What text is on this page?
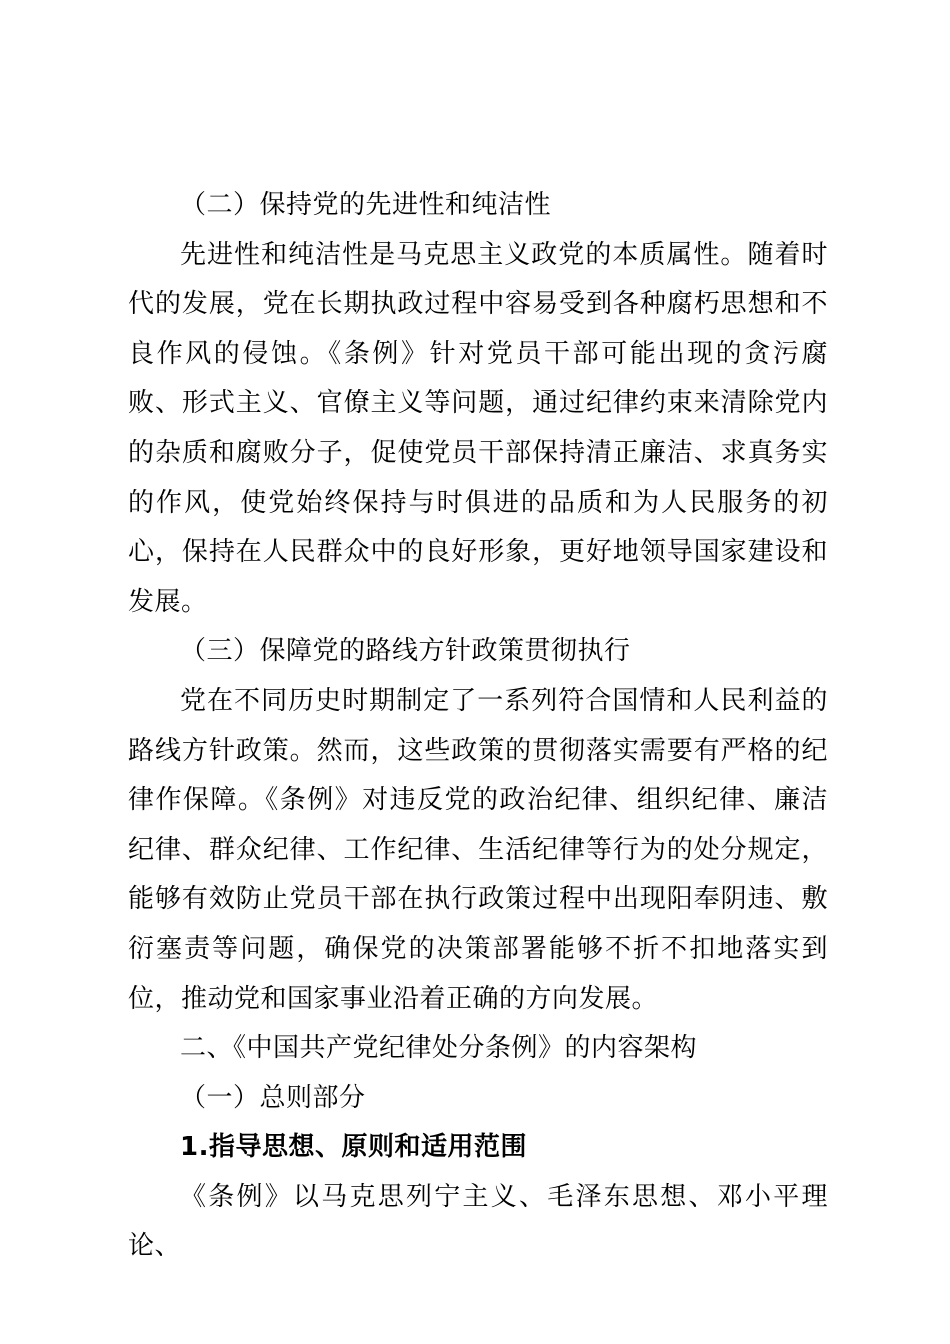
（二）保持党的先进性和纯洁性

先进性和纯洁性是马克思主义政党的本质属性。随着时代的发展，党在长期执政过程中容易受到各种腐朽思想和不良作风的侵蚀。《条例》针对党员干部可能出现的贪污腐败、形式主义、官僚主义等问题，通过纪律约束来清除党内的杂质和腐败分子，促使党员干部保持清正廉洁、求真务实的作风，使党始终保持与时俱进的品质和为人民服务的初心，保持在人民群众中的良好形象，更好地领导国家建设和发展。

（三）保障党的路线方针政策贯彻执行

党在不同历史时期制定了一系列符合国情和人民利益的路线方针政策。然而，这些政策的贯彻落实需要有严格的纪律作保障。《条例》对违反党的政治纪律、组织纪律、廉洁纪律、群众纪律、工作纪律、生活纪律等行为的处分规定，能够有效防止党员干部在执行政策过程中出现阳奉阴违、敷衍塞责等问题，确保党的决策部署能够不折不扣地落实到位，推动党和国家事业沿着正确的方向发展。

二、《中国共产党纪律处分条例》的内容架构

（一）总则部分

1.指导思想、原则和适用范围

《条例》以马克思列宁主义、毛泽东思想、邓小平理论、
